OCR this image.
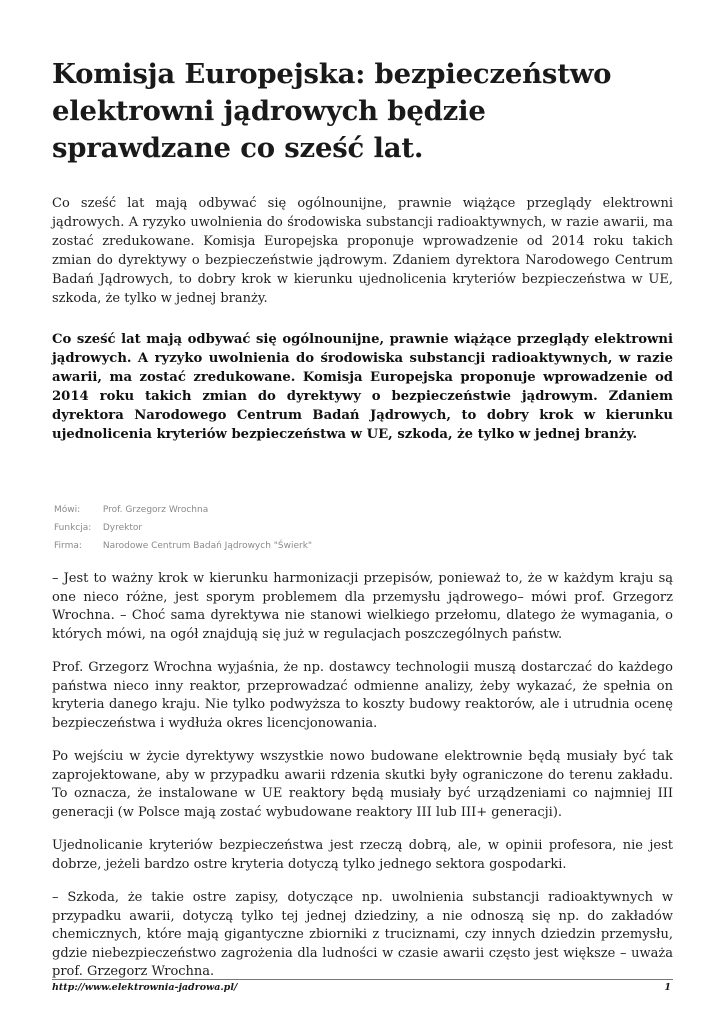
Komisja Europejska: bezpieczeństwo elektrowni jądrowych będzie sprawdzane co sześć lat.

Co sześć lat mają odbywać się ogólnounijne, prawnie wiążące przeglądy elektrowni jądrowych. A ryzyko uwolnienia do środowiska substancji radioaktywnych, w razie awarii, ma zostać zredukowane. Komisja Europejska proponuje wprowadzenie od 2014 roku takich zmian do dyrektywy o bezpieczeństwie jądrowym. Zdaniem dyrektora Narodowego Centrum Badań Jądrowych, to dobry krok w kierunku ujednolicenia kryteriów bezpieczeństwa w UE, szkoda, że tylko w jednej branży.

Co sześć lat mają odbywać się ogólnounijne, prawnie wiążące przeglądy elektrowni jądrowych. A ryzyko uwolnienia do środowiska substancji radioaktywnych, w razie awarii, ma zostać zredukowane. Komisja Europejska proponuje wprowadzenie od 2014 roku takich zmian do dyrektywy o bezpieczeństwie jądrowym. Zdaniem dyrektora Narodowego Centrum Badań Jądrowych, to dobry krok w kierunku ujednolicenia kryteriów bezpieczeństwa w UE, szkoda, że tylko w jednej branży.

Mówi:	Prof. Grzegorz Wrochna
Funkcja: Dyrektor
Firma: Narodowe Centrum Badań Jądrowych "Świerk"

– Jest to ważny krok w kierunku harmonizacji przepisów, ponieważ to, że w każdym kraju są one nieco różne, jest sporym problemem dla przemysłu jądrowego– mówi prof. Grzegorz Wrochna. – Choć sama dyrektywa nie stanowi wielkiego przełomu, dlatego że wymagania, o których mówi, na ogół znajdują się już w regulacjach poszczególnych państw.

Prof. Grzegorz Wrochna wyjaśnia, że np. dostawcy technologii muszą dostarczać do każdego państwa nieco inny reaktor, przeprowadzać odmienne analizy, żeby wykazać, że spełnia on kryteria danego kraju. Nie tylko podwyższa to koszty budowy reaktorów, ale i utrudnia ocenę bezpieczeństwa i wydłuża okres licencjonowania.

Po wejściu w życie dyrektywy wszystkie nowo budowane elektrownie będą musiały być tak zaprojektowane, aby w przypadku awarii rdzenia skutki były ograniczone do terenu zakładu. To oznacza, że instalowane w UE reaktory będą musiały być urządzeniami co najmniej III generacji (w Polsce mają zostać wybudowane reaktory III lub III+ generacji).

Ujednolicanie kryteriów bezpieczeństwa jest rzeczą dobrą, ale, w opinii profesora, nie jest dobrze, jeżeli bardzo ostre kryteria dotyczą tylko jednego sektora gospodarki.

– Szkoda, że takie ostre zapisy, dotyczące np. uwolnienia substancji radioaktywnych w przypadku awarii, dotyczą tylko tej jednej dziedziny, a nie odnoszą się np. do zakładów chemicznych, które mają gigantyczne zbiorniki z truciznami, czy innych dziedzin przemysłu, gdzie niebezpieczeństwo zagrożenia dla ludności w czasie awarii często jest większe – uważa prof. Grzegorz Wrochna.

http://www.elektrownia-jadrowa.pl/	1
